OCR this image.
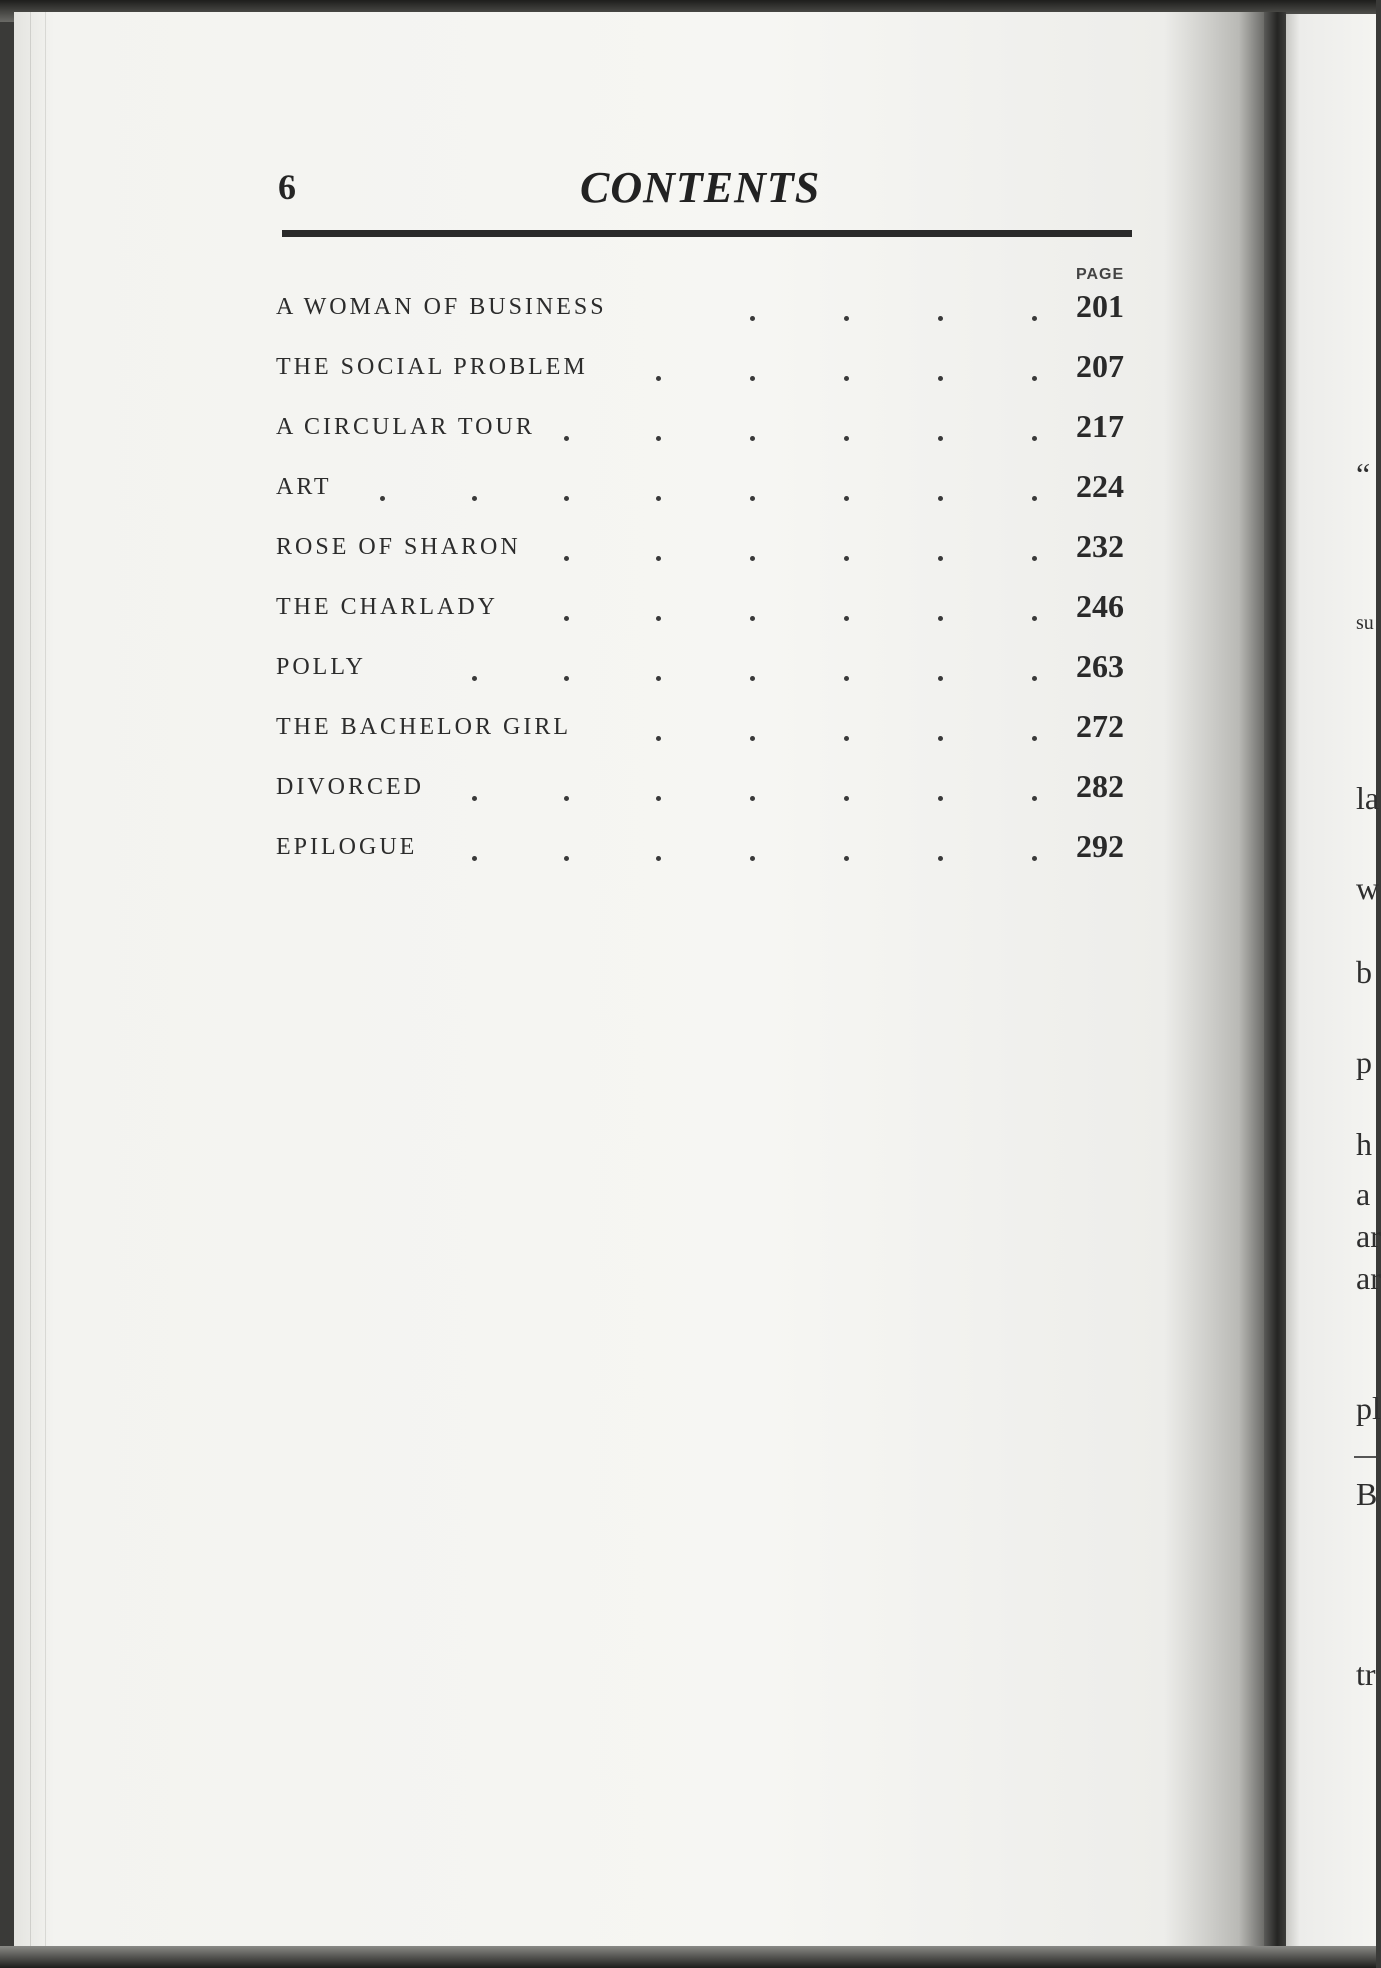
6	CONTENTS
PAGE
A WOMAN OF BUSINESS	201
THE SOCIAL PROBLEM	207
A CIRCULAR TOUR	217
ART	224
ROSE OF SHARON	232
THE CHARLADY	246
POLLY	263
THE BACHELOR GIRL	272
DIVORCED	282
EPILOGUE	292
“
su
la
w
b
p
h
a
ar
ar
pl
B
tr
